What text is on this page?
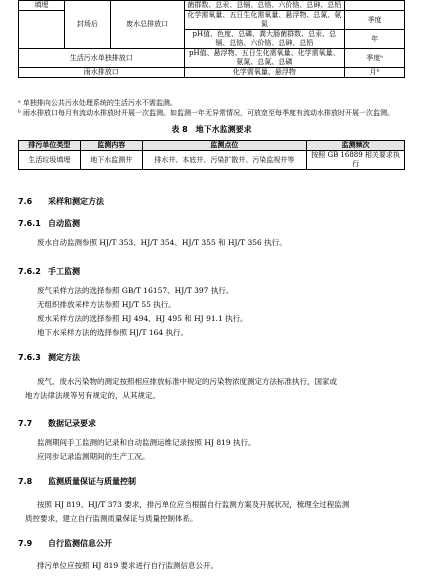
填埋	封场后	废水总排放口	菌群数、总汞、总镉、总铬、六价铬、总砷、总铅	
			化学需氧量、五日生化需氧量、悬浮物、总氮、氨氮	季度
			pH值、色度、总磷、粪大肠菌群数、总汞、总镉、总铬、六价铬、总砷、总铅	年
生活污水单独排放口			pH值、悬浮物、五日生化需氧量、化学需氧量、氨氮、总氮、总磷	季度ᵃ
雨水排放口			化学需氧量、悬浮物	月ᵇ

ᵃ 单独排向公共污水处理系统的生活污水不需监测。

ᵇ 雨水排放口每月有流动水排放时开展一次监测。如监测一年无异常情况，可放宽至每季度有流动水排放时开展一次监测。

表 8　地下水监测要求
排污单位类型	监测内容	监测点位	监测频次
生活垃圾填埋	地下水监测井	排水井、本底井、污染扩散井、污染监视井等	按照 GB 16889 相关要求执行
7.6 采样和测定方法
7.6.1 自动监测

废水自动监测参照 HJ/T 353、HJ/T 354、HJ/T 355 和 HJ/T 356 执行。

7.6.2 手工监测

废气采样方法的选择参照 GB/T 16157、HJ/T 397 执行。

无组织排放采样方法参照 HJ/T 55 执行。

废水采样方法的选择参照 HJ 494、HJ 495 和 HJ 91.1 执行。

地下水采样方法的选择参照 HJ/T 164 执行。

7.6.3 测定方法

废气、废水污染物的测定按照相应排放标准中规定的污染物浓度测定方法标准执行，国家或

地方法律法规等另有规定的，从其规定。

7.7 数据记录要求

监测期间手工监测的记录和自动监测运维记录按照 HJ 819 执行。

应同步记录监测期间的生产工况。

7.8 监测质量保证与质量控制

按照 HJ 819、HJ/T 373 要求，排污单位应当根据自行监测方案及开展状况，梳理全过程监测

质控要求，建立自行监测质量保证与质量控制体系。

7.9 自行监测信息公开

排污单位应按照 HJ 819 要求进行自行监测信息公开。
